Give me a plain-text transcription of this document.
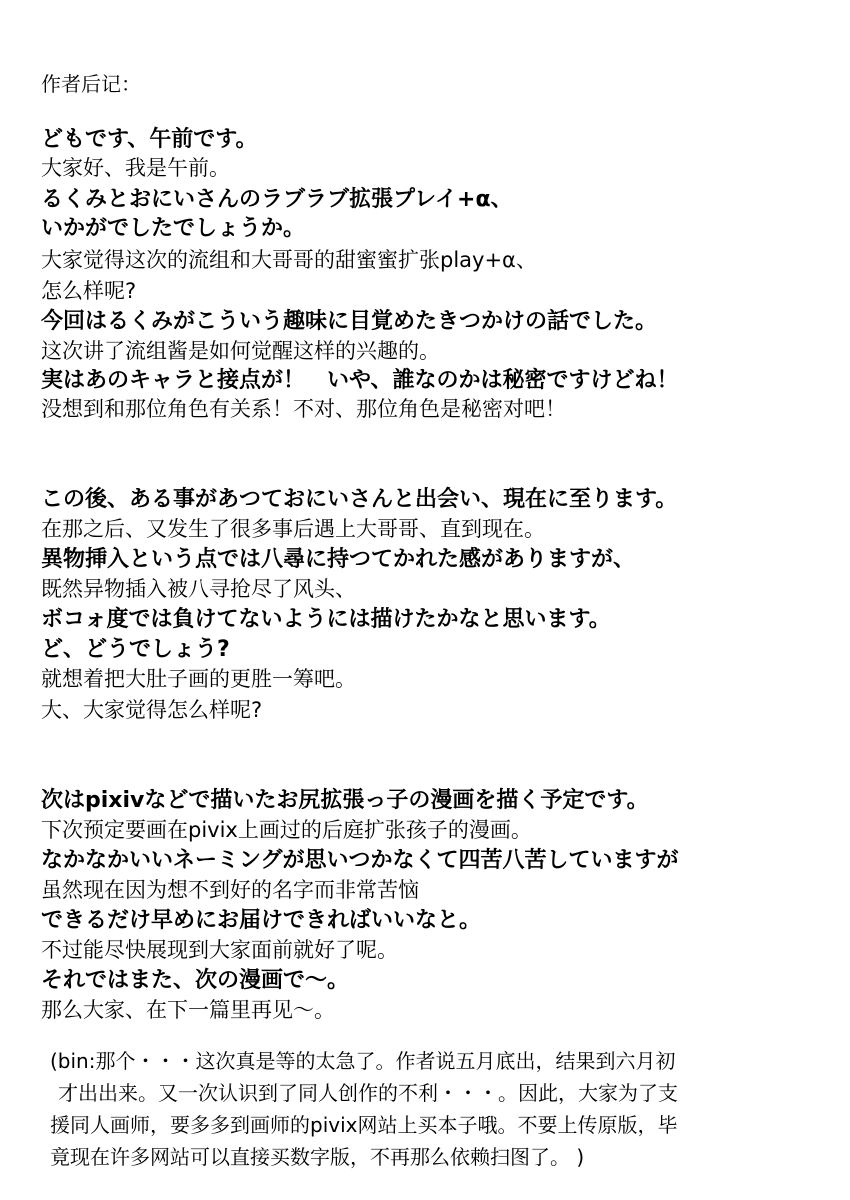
作者后记：
どもです、午前です。
大家好、我是午前。
るくみとおにいさんのラブラブ拡張プレイ+α、
いかがでしたでしょうか。
大家觉得这次的流组和大哥哥的甜蜜蜜扩张play+α、
怎么样呢?
今回はるくみがこういう趣味に目覚めたきつかけの話でした。
这次讲了流组酱是如何觉醒这样的兴趣的。
実はあのキャラと接点が！　いや、誰なのかは秘密ですけどね！
没想到和那位角色有关系！不对、那位角色是秘密对吧！
この後、ある事があつておにいさんと出会い、現在に至ります。
在那之后、又发生了很多事后遇上大哥哥、直到现在。
異物挿入という点では八尋に持つてかれた感がありますが、
既然异物插入被八寻抢尽了风头、
ボコォ度では負けてないようには描けたかなと思います。
ど、どうでしょう?
就想着把大肚子画的更胜一筹吧。
大、大家觉得怎么样呢?
次はpixivなどで描いたお尻拡張っ子の漫画を描く予定です。
下次预定要画在pivix上画过的后庭扩张孩子的漫画。
なかなかいいネーミングが思いつかなくて四苦八苦していますが
虽然现在因为想不到好的名字而非常苦恼
できるだけ早めにお届けできればいいなと。
不过能尽快展现到大家面前就好了呢。
それではまた、次の漫画で～。
那么大家、在下一篇里再见～。
(bin:那个・・・这次真是等的太急了。作者说五月底出，结果到六月初
才出出来。又一次认识到了同人创作的不利・・・。因此，大家为了支
援同人画师，要多多到画师的pivix网站上买本子哦。不要上传原版，毕
竟现在许多网站可以直接买数字版，不再那么依赖扫图了。 )
